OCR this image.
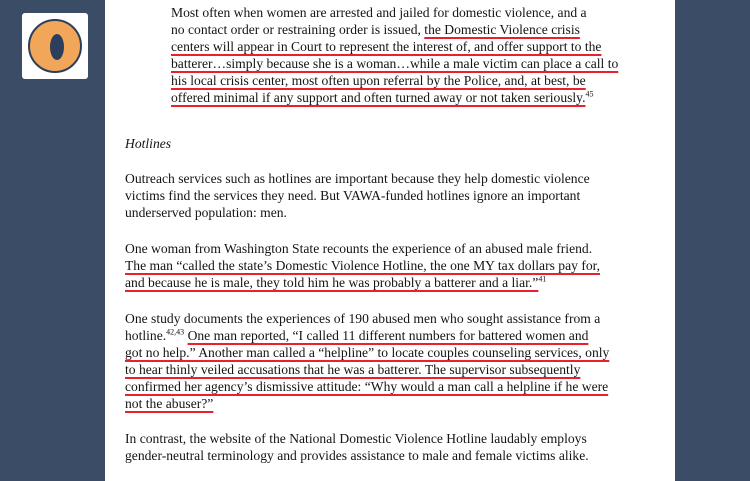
Most often when women are arrested and jailed for domestic violence, and a
no contact order or restraining order is issued, the Domestic Violence crisis
centers will appear in Court to represent the interest of, and offer support to the
batterer…simply because she is a woman…while a male victim can place a call to
his local crisis center, most often upon referral by the Police, and, at best, be
offered minimal if any support and often turned away or not taken seriously.$^{45}$

Hotlines

Outreach services such as hotlines are important because they help domestic violence
victims find the services they need. But VAWA-funded hotlines ignore an important
underserved population: men.

One woman from Washington State recounts the experience of an abused male friend.
The man “called the state’s Domestic Violence Hotline, the one MY tax dollars pay for,
and because he is male, they told him he was probably a batterer and a liar.”$^{41}$

One study documents the experiences of 190 abused men who sought assistance from a
hotline.$^{42,43}$ One man reported, “I called 11 different numbers for battered women and
got no help.” Another man called a “helpline” to locate couples counseling services, only
to hear thinly veiled accusations that he was a batterer. The supervisor subsequently
confirmed her agency’s dismissive attitude: “Why would a man call a helpline if he were
not the abuser?”

In contrast, the website of the National Domestic Violence Hotline laudably employs
gender-neutral terminology and provides assistance to male and female victims alike.
